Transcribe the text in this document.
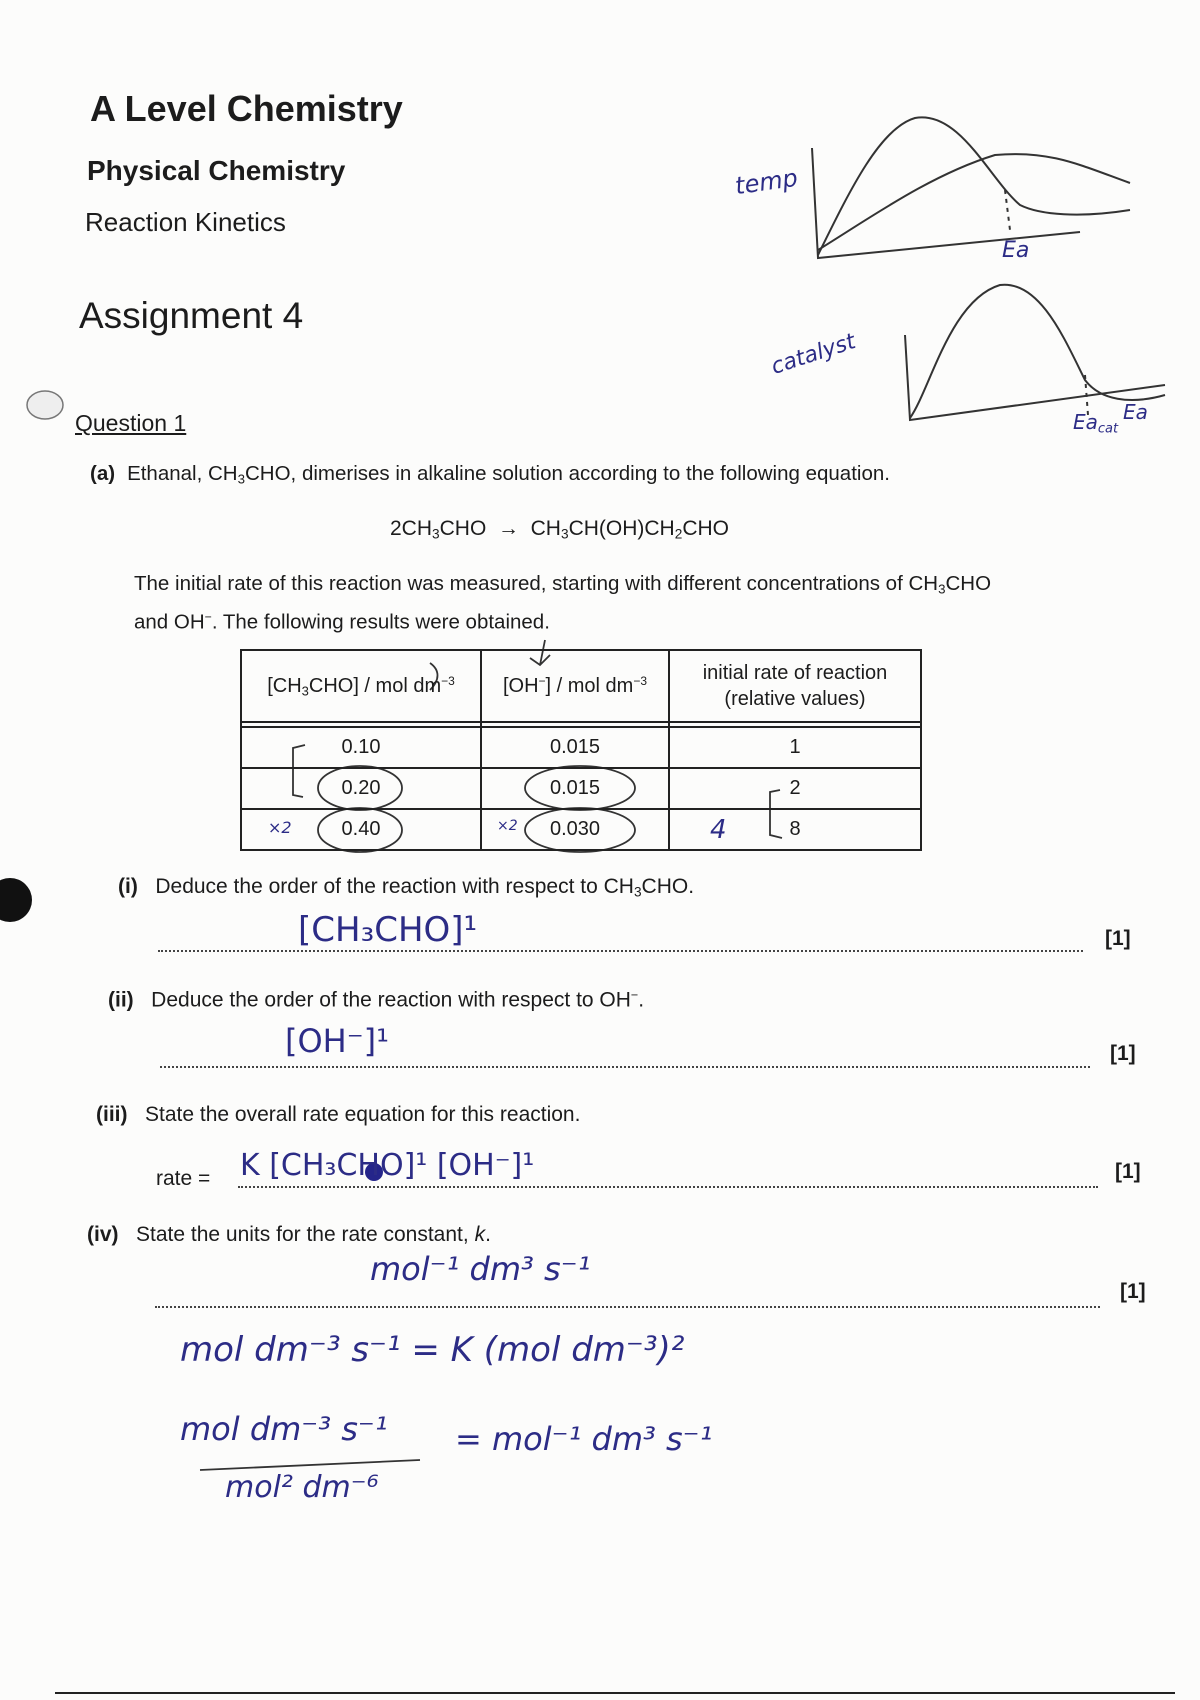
A Level Chemistry
Physical Chemistry
Reaction Kinetics
Assignment 4
temp
Ea
catalyst
$Ea_{cat}$
Ea
Question 1
(a) Ethanal, $CH_3CHO$, dimerises in alkaline solution according to the following equation.
$2CH_3CHO \to CH_3CH(OH)CH_2CHO$
The initial rate of this reaction was measured, starting with different concentrations of $CH_3CHO$
and OH−. The following results were obtained.
$[CH_3CHO]$ / mol $dm^{-3}$	[OH−] / mol $dm^{-3}$	initial rate of reaction
(relative values)

0.10	0.015	1
0.20	0.015	2
0.40	0.030	8
×2	×2	4
(i) Deduce the order of the reaction with respect to $CH_3CHO$.
[CH₃CHO]¹	[1]
(ii) Deduce the order of the reaction with respect to OH−.
[OH⁻]¹	[1]
(iii) State the overall rate equation for this reaction.
rate = K [CH₃CHO]¹ [OH⁻]¹	[1]
(iv) State the units for the rate constant, k.
mol⁻¹ dm³ s⁻¹
[1]
mol dm⁻³ s⁻¹ = K (mol dm⁻³)²
mol dm⁻³ s⁻¹
mol² dm⁻⁶
= mol⁻¹ dm³ s⁻¹
